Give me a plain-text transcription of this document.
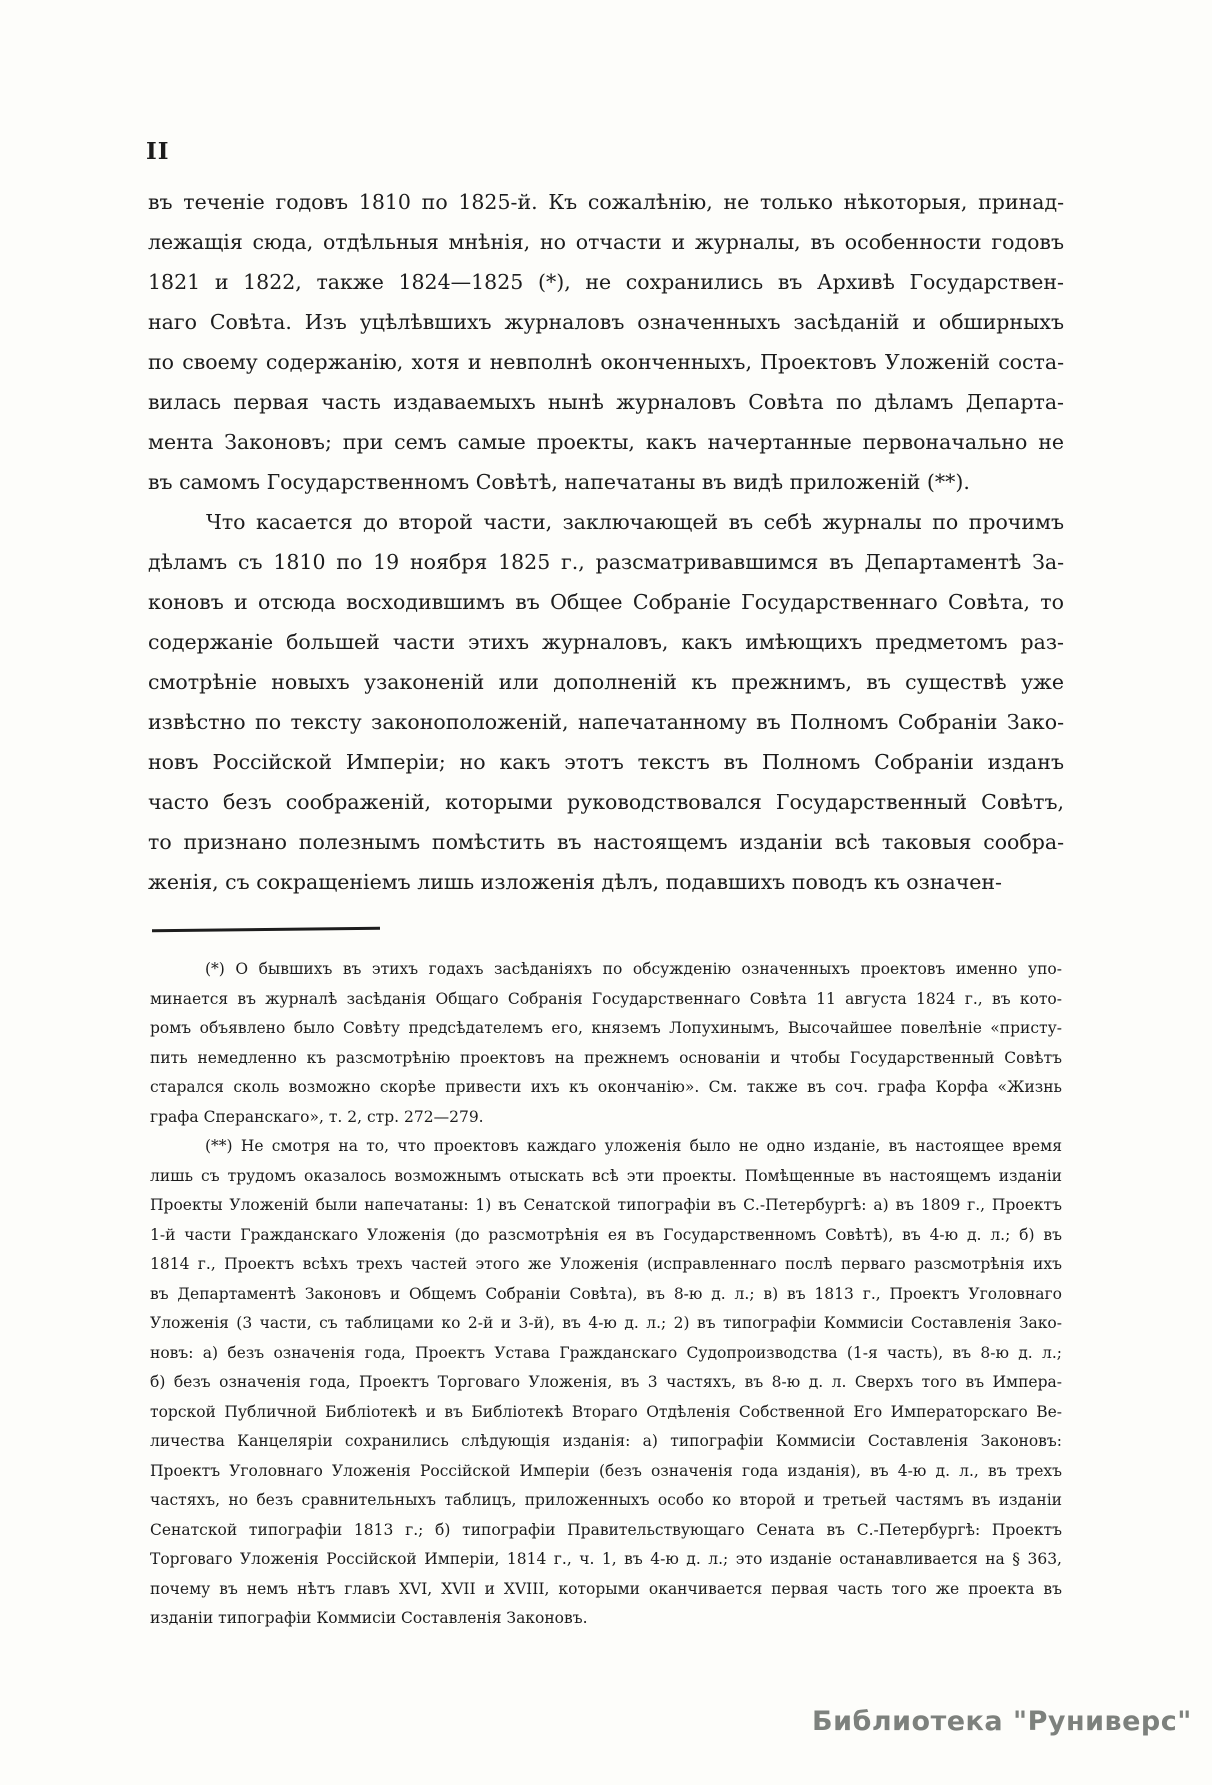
II
въ теченіе годовъ 1810 по 1825-й. Къ сожалѣнію, не только нѣкоторыя, принад-
лежащія сюда, отдѣльныя мнѣнія, но отчасти и журналы, въ особенности годовъ
1821 и 1822, также 1824—1825 (*), не сохранились въ Архивѣ Государствен-
наго Совѣта. Изъ уцѣлѣвшихъ журналовъ означенныхъ засѣданій и обширныхъ
по своему содержанію, хотя и невполнѣ оконченныхъ, Проектовъ Уложеній соста-
вилась первая часть издаваемыхъ нынѣ журналовъ Совѣта по дѣламъ Департа-
мента Законовъ; при семъ самые проекты, какъ начертанные первоначально не
въ самомъ Государственномъ Совѣтѣ, напечатаны въ видѣ приложеній (**).
Что касается до второй части, заключающей въ себѣ журналы по прочимъ
дѣламъ съ 1810 по 19 ноября 1825 г., разсматривавшимся въ Департаментѣ За-
коновъ и отсюда восходившимъ въ Общее Собраніе Государственнаго Совѣта, то
содержаніе большей части этихъ журналовъ, какъ имѣющихъ предметомъ раз-
смотрѣніе новыхъ узаконеній или дополненій къ прежнимъ, въ существѣ уже
извѣстно по тексту законоположеній, напечатанному въ Полномъ Собраніи Зако-
новъ Россійской Имперіи; но какъ этотъ текстъ въ Полномъ Собраніи изданъ
часто безъ соображеній, которыми руководствовался Государственный Совѣтъ,
то признано полезнымъ помѣстить въ настоящемъ изданіи всѣ таковыя сообра-
женія, съ сокращеніемъ лишь изложенія дѣлъ, подавшихъ поводъ къ означен-
(*) О бывшихъ въ этихъ годахъ засѣданіяхъ по обсужденію означенныхъ проектовъ именно упо-
минается въ журналѣ засѣданія Общаго Собранія Государственнаго Совѣта 11 августа 1824 г., въ кото-
ромъ объявлено было Совѣту предсѣдателемъ его, княземъ Лопухинымъ, Высочайшее повелѣніе «присту-
пить немедленно къ разсмотрѣнію проектовъ на прежнемъ основаніи и чтобы Государственный Совѣтъ
старался сколь возможно скорѣе привести ихъ къ окончанію». См. также въ соч. графа Корфа «Жизнь
графа Сперанскаго», т. 2, стр. 272—279.
(**) Не смотря на то, что проектовъ каждаго уложенія было не одно изданіе, въ настоящее время
лишь съ трудомъ оказалось возможнымъ отыскать всѣ эти проекты. Помѣщенные въ настоящемъ изданіи
Проекты Уложеній были напечатаны: 1) въ Сенатской типографіи въ С.-Петербургѣ: а) въ 1809 г., Проектъ
1-й части Гражданскаго Уложенія (до разсмотрѣнія ея въ Государственномъ Совѣтѣ), въ 4-ю д. л.; б) въ
1814 г., Проектъ всѣхъ трехъ частей этого же Уложенія (исправленнаго послѣ перваго разсмотрѣнія ихъ
въ Департаментѣ Законовъ и Общемъ Собраніи Совѣта), въ 8-ю д. л.; в) въ 1813 г., Проектъ Уголовнаго
Уложенія (3 части, съ таблицами ко 2-й и 3-й), въ 4-ю д. л.; 2) въ типографіи Коммисіи Составленія Зако-
новъ: а) безъ означенія года, Проектъ Устава Гражданскаго Судопроизводства (1-я часть), въ 8-ю д. л.;
б) безъ означенія года, Проектъ Торговаго Уложенія, въ 3 частяхъ, въ 8-ю д. л. Сверхъ того въ Импера-
торской Публичной Библіотекѣ и въ Библіотекѣ Втораго Отдѣленія Собственной Его Императорскаго Ве-
личества Канцеляріи сохранились слѣдующія изданія: а) типографіи Коммисіи Составленія Законовъ:
Проектъ Уголовнаго Уложенія Россійской Имперіи (безъ означенія года изданія), въ 4-ю д. л., въ трехъ
частяхъ, но безъ сравнительныхъ таблицъ, приложенныхъ особо ко второй и третьей частямъ въ изданіи
Сенатской типографіи 1813 г.; б) типографіи Правительствующаго Сената въ С.-Петербургѣ: Проектъ
Торговаго Уложенія Россійской Имперіи, 1814 г., ч. 1, въ 4-ю д. л.; это изданіе останавливается на § 363,
почему въ немъ нѣтъ главъ XVI, XVII и XVIII, которыми оканчивается первая часть того же проекта въ
изданіи типографіи Коммисіи Составленія Законовъ.
Библиотека "Руниверс"
